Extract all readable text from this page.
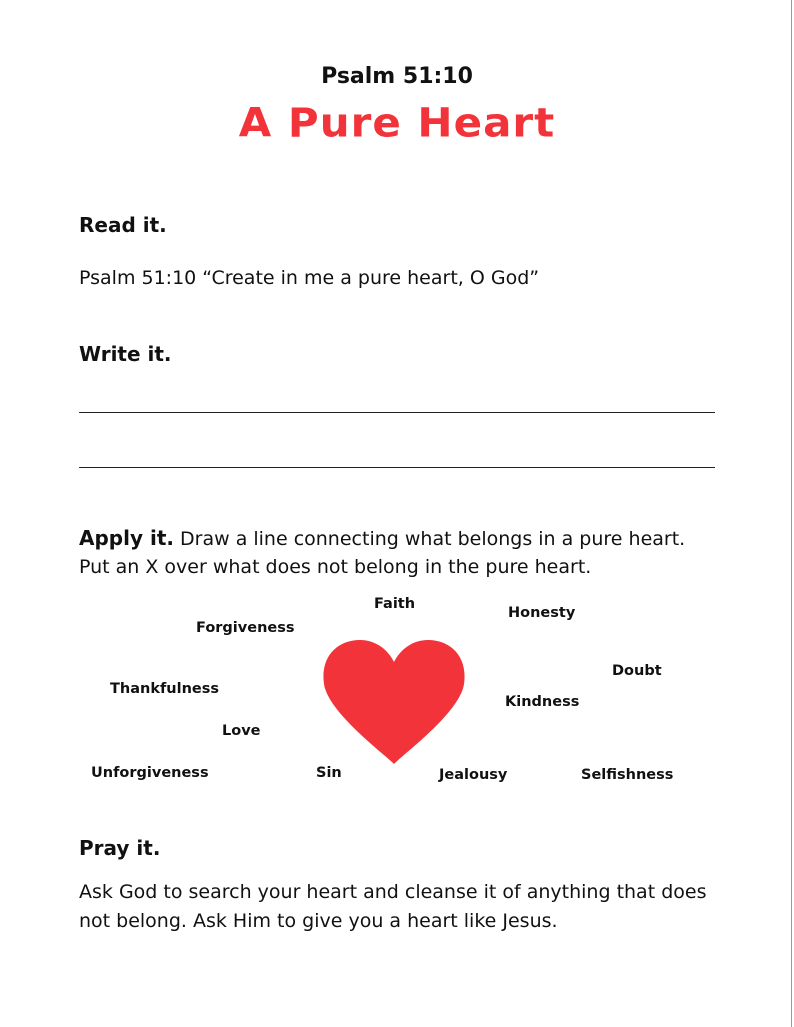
Psalm 51:10
A Pure Heart
Read it.
Psalm 51:10 “Create in me a pure heart, O God”
Write it.
Apply it. Draw a line connecting what belongs in a pure heart.
Put an X over what does not belong in the pure heart.
Faith
Honesty
Forgiveness
Doubt
Thankfulness
Kindness
Love
Unforgiveness	Sin	Jealousy	Selfishness
Pray it.
Ask God to search your heart and cleanse it of anything that does
not belong. Ask Him to give you a heart like Jesus.
